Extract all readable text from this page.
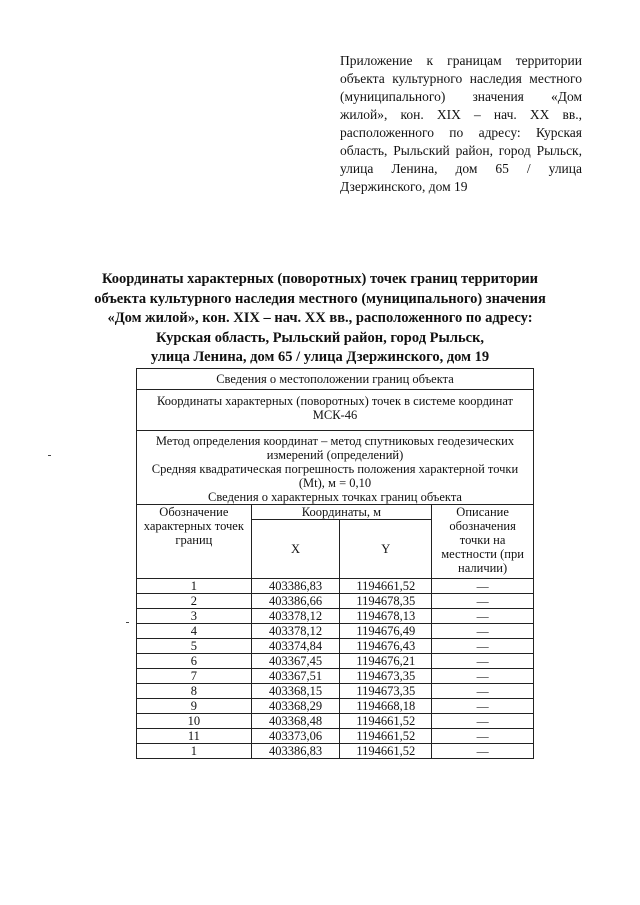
Приложение к границам территории объекта культурного наследия местного (муниципального) значения «Дом жилой», кон. XIX – нач. XX вв., расположенного по адресу: Курская область, Рыльский район, город Рыльск, улица Ленина, дом 65 / улица Дзержинского, дом 19

Координаты характерных (поворотных) точек границ территории
объекта культурного наследия местного (муниципального) значения
«Дом жилой», кон. XIX – нач. XX вв., расположенного по адресу:
Курская область, Рыльский район, город Рыльск,
улица Ленина, дом 65 / улица Дзержинского, дом 19
Сведения о местоположении границ объекта			
Координаты характерных (поворотных) точек в системе координат МСК-46			

Метод определения координат – метод спутниковых геодезических измерений (определений)
Средняя квадратическая погрешность положения характерной точки (Mt), м = 0,10
Сведения о характерных точках границ объекта			

Обозначение характерных точек границ	Координаты, м		Описание обозначения точки на местности (при наличии)
	X	Y	
1	403386,83	1194661,52	—
2	403386,66	1194678,35	—
3	403378,12	1194678,13	—
4	403378,12	1194676,49	—
5	403374,84	1194676,43	—
6	403367,45	1194676,21	—
7	403367,51	1194673,35	—
8	403368,15	1194673,35	—
9	403368,29	1194668,18	—
10	403368,48	1194661,52	—
11	403373,06	1194661,52	—
1	403386,83	1194661,52	—
